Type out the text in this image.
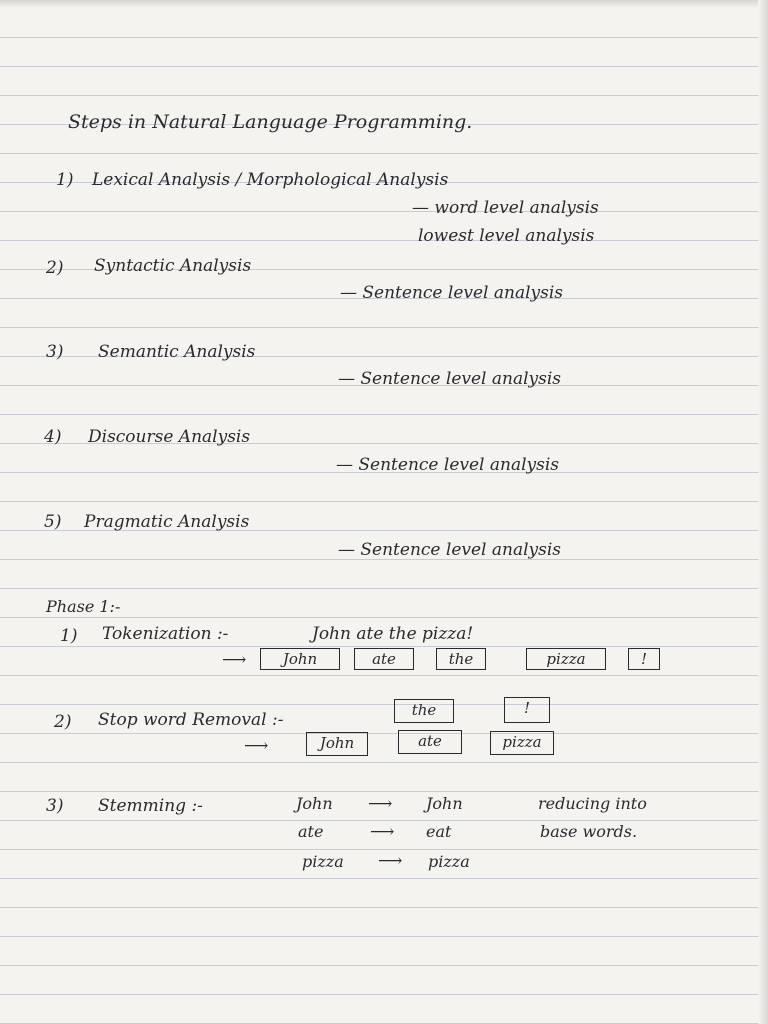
Steps in Natural Language Programming.
1) Lexical Analysis / Morphological Analysis
— word level analysis
lowest level analysis
2) Syntactic Analysis
— Sentence level analysis
3) Semantic Analysis
— Sentence level analysis
4) Discourse Analysis
— Sentence level analysis
5) Pragmatic Analysis
— Sentence level analysis
Phase 1:-
1) Tokenization :-	John ate the pizza!
⟶	John	ate	the	pizza	!
2) Stop word Removal :-	the	!
⟶	John	ate	pizza
3) Stemming :-	John ⟶ John
ate	⟶ eat
pizza ⟶ pizza
reducing into
base words.
